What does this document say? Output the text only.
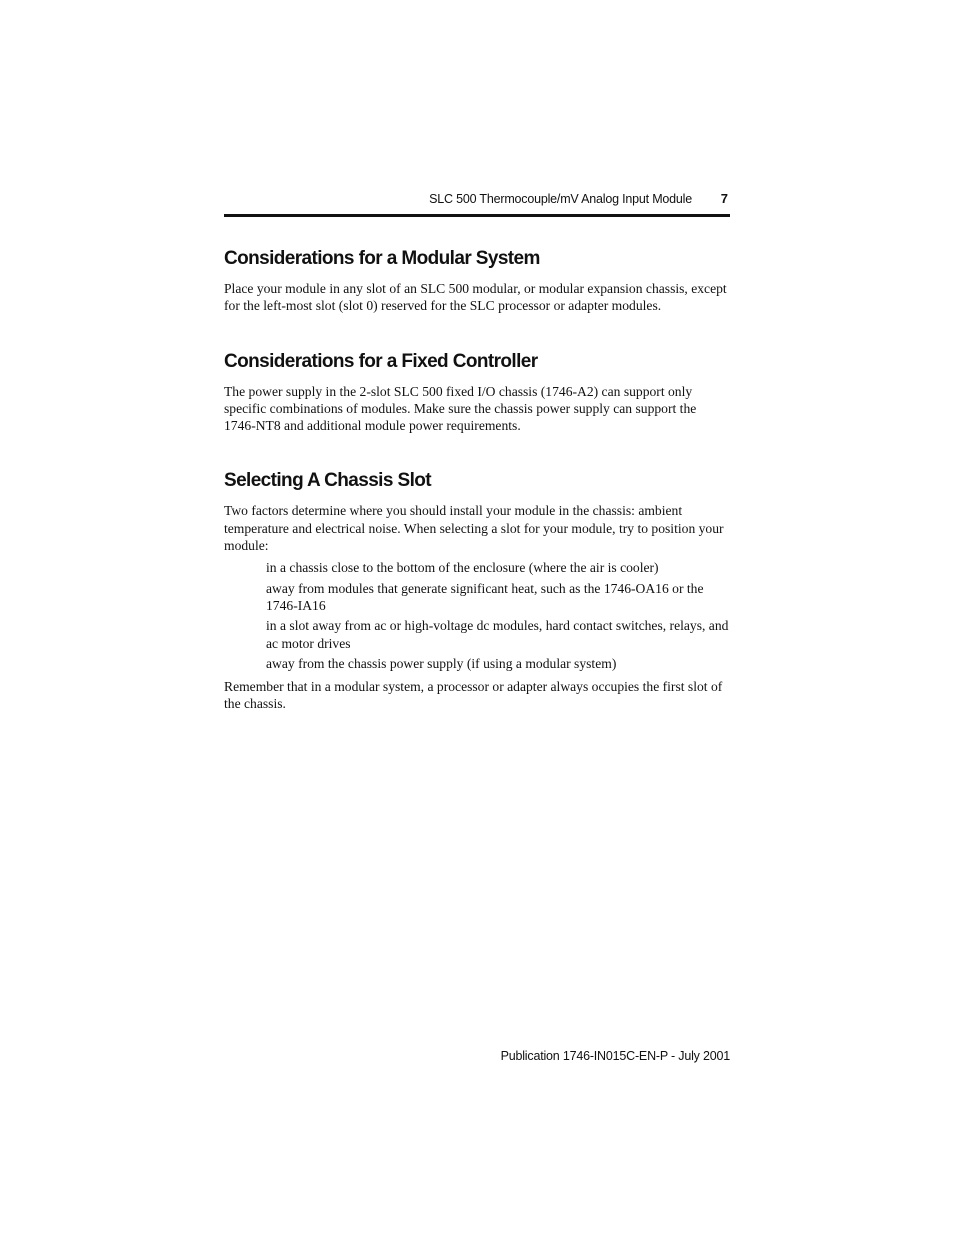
SLC 500 Thermocouple/mV Analog Input Module 7
Considerations for a Modular System

Place your module in any slot of an SLC 500 modular, or modular expansion chassis, except for the left-most slot (slot 0) reserved for the SLC processor or adapter modules.

Considerations for a Fixed Controller

The power supply in the 2-slot SLC 500 fixed I/O chassis (1746-A2) can support only specific combinations of modules. Make sure the chassis power supply can support the 1746-NT8 and additional module power requirements.

Selecting A Chassis Slot

Two factors determine where you should install your module in the chassis: ambient temperature and electrical noise. When selecting a slot for your module, try to position your module:

in a chassis close to the bottom of the enclosure (where the air is cooler)
away from modules that generate significant heat, such as the 1746-OA16 or the 1746-IA16
in a slot away from ac or high-voltage dc modules, hard contact switches, relays, and ac motor drives
away from the chassis power supply (if using a modular system)

Remember that in a modular system, a processor or adapter always occupies the first slot of the chassis.

Publication 1746-IN015C-EN-P - July 2001
